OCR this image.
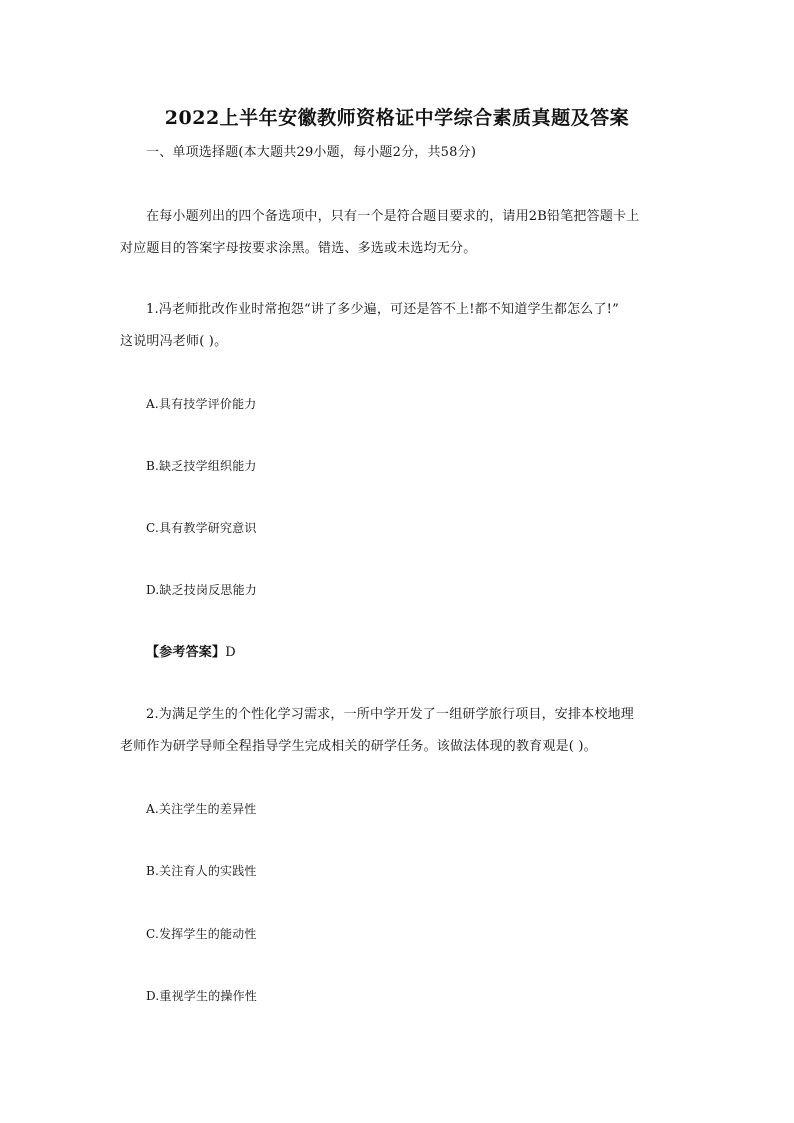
2022上半年安徽教师资格证中学综合素质真题及答案
一、单项选择题(本大题共29小题，每小题2分，共58分)
在每小题列出的四个备选项中，只有一个是符合题目要求的，请用2B铅笔把答题卡上
对应题目的答案字母按要求涂黑。错选、多选或未选均无分。
1.冯老师批改作业时常抱怨“讲了多少遍，可还是答不上!都不知道学生都怎么了!”
这说明冯老师( )。
A.具有技学评价能力
B.缺乏技学组织能力
C.具有教学研究意识
D.缺乏技岗反思能力
【参考答案】D
2.为满足学生的个性化学习需求，一所中学开发了一组研学旅行项目，安排本校地理
老师作为研学导师全程指导学生完成相关的研学任务。该做法体现的教育观是( )。
A.关注学生的差异性
B.关注育人的实践性
C.发挥学生的能动性
D.重视学生的操作性
